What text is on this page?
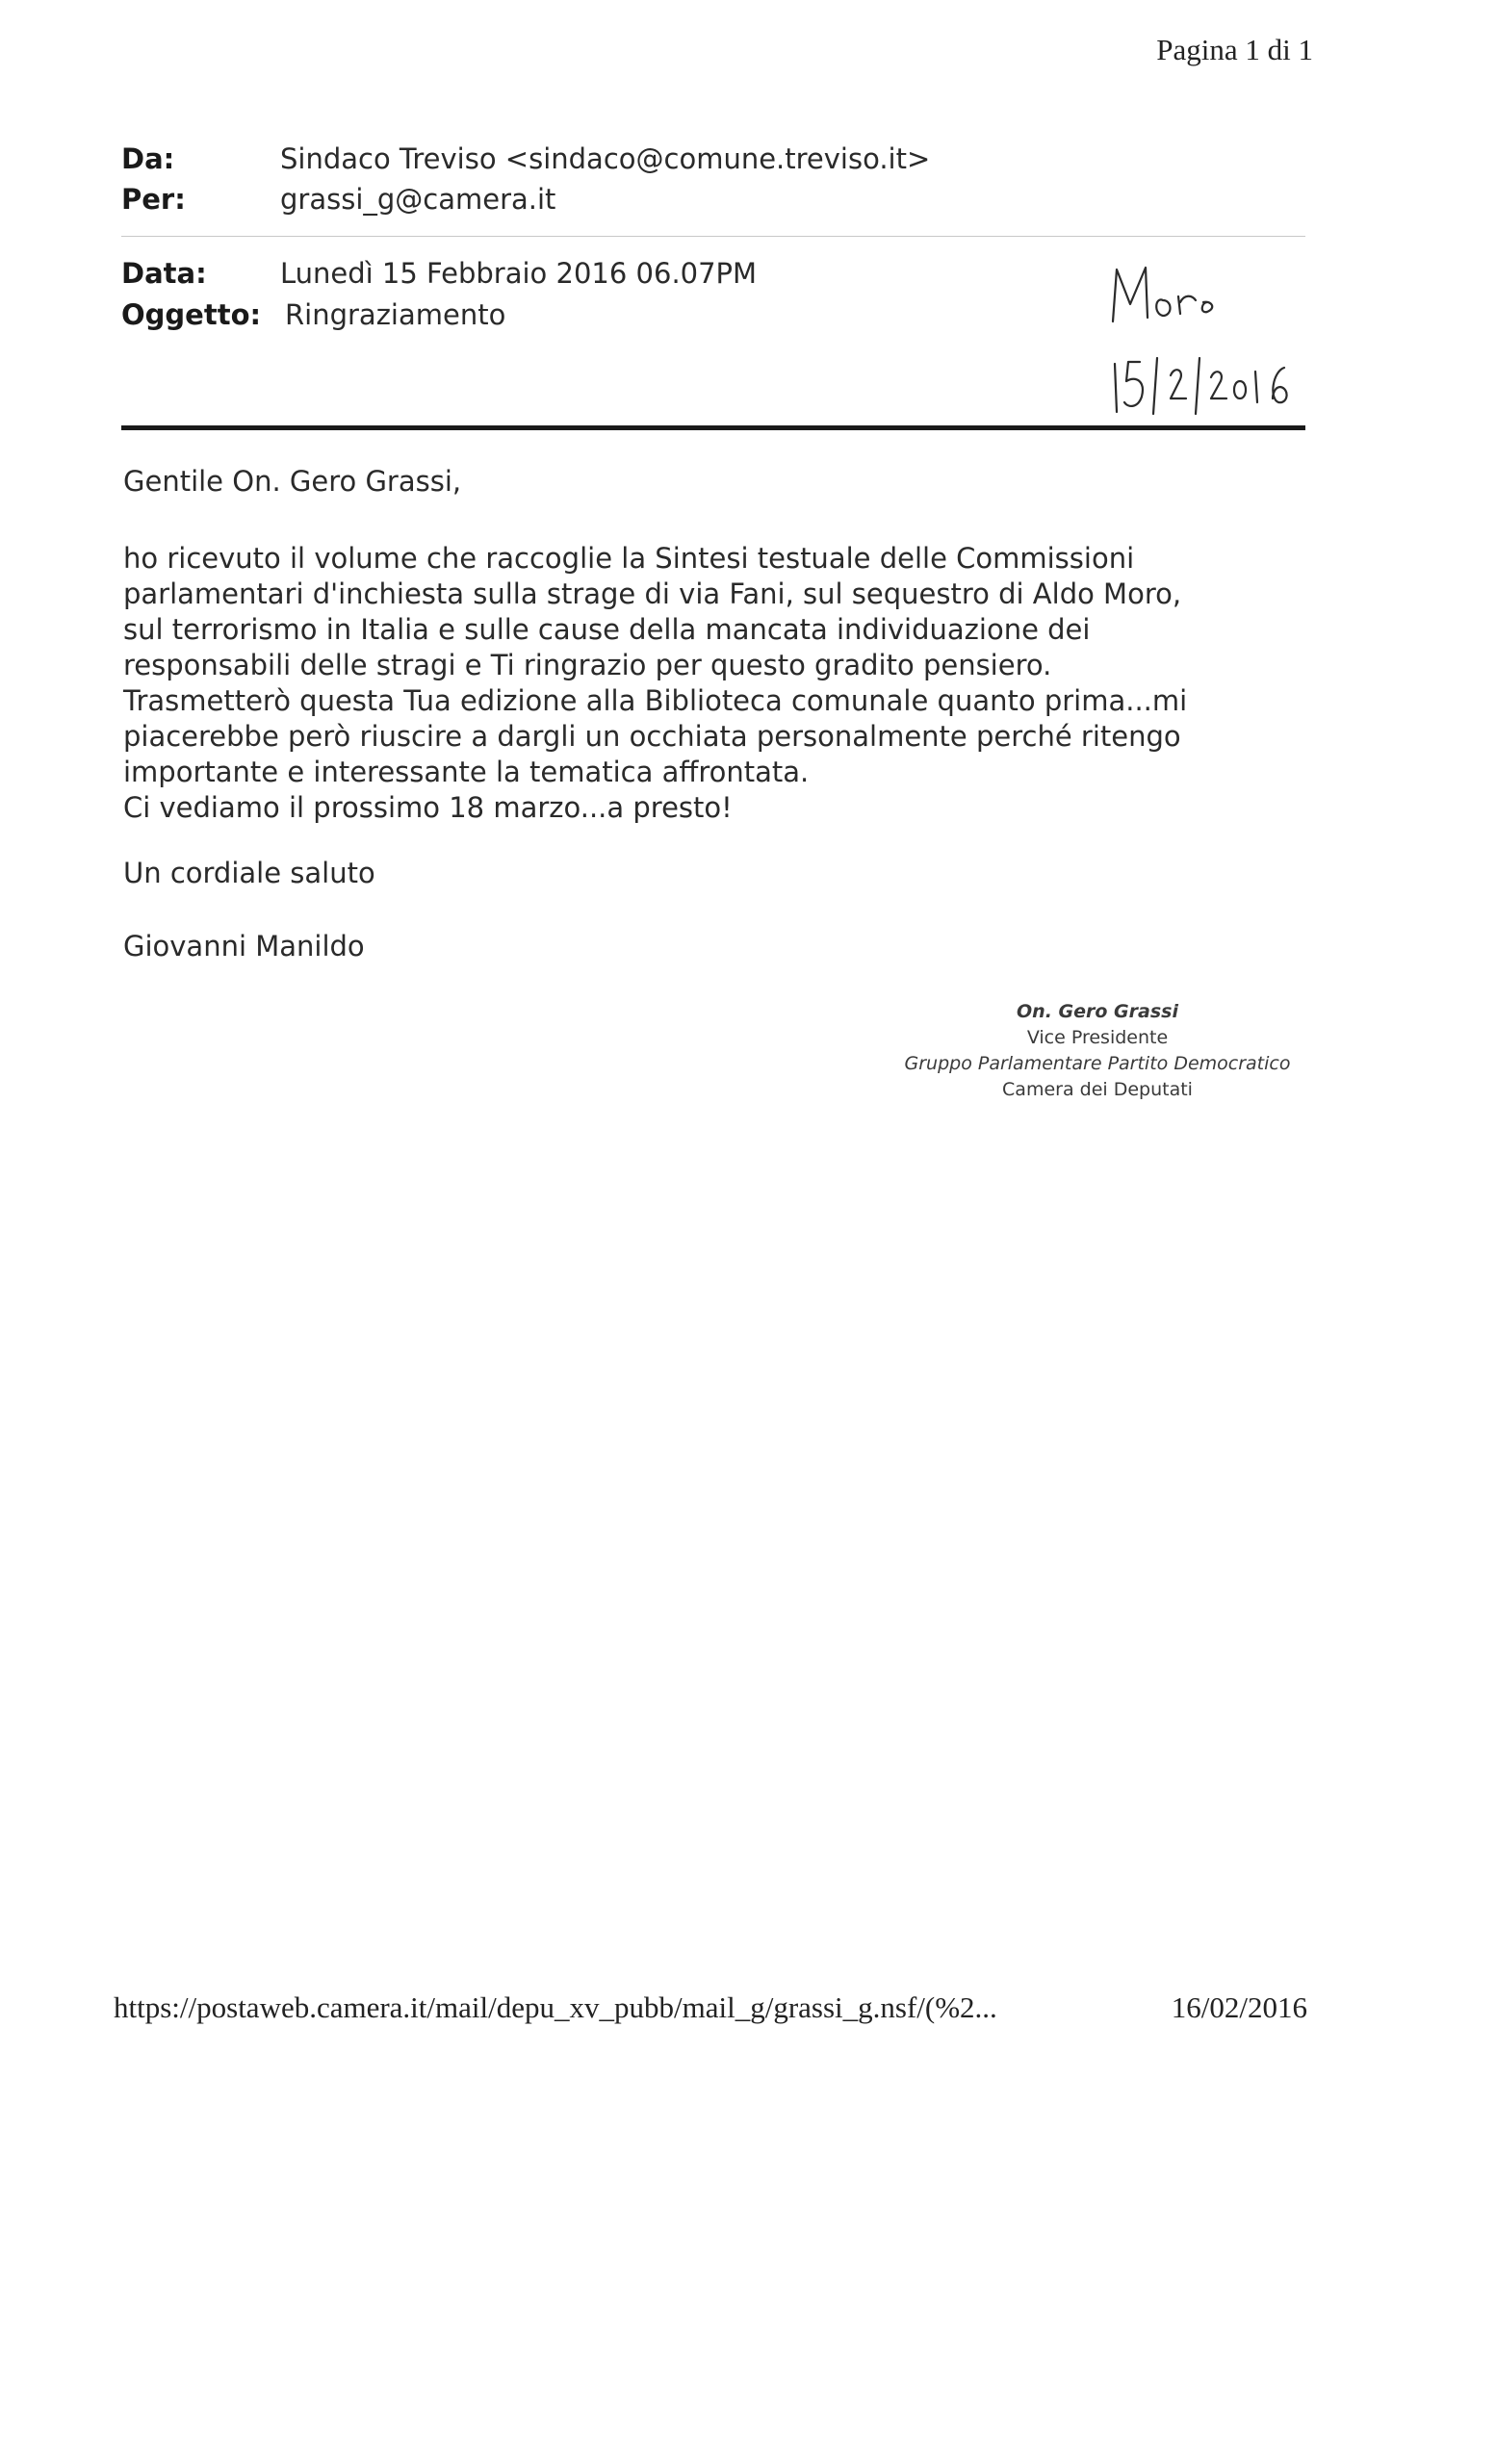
Pagina 1 di 1
Da:	Sindaco Treviso <sindaco@comune.treviso.it>
Per:	grassi_g@camera.it
Data:	Lunedì 15 Febbraio 2016 06.07PM
Oggetto: Ringraziamento
Gentile On. Gero Grassi,
ho ricevuto il volume che raccoglie la Sintesi testuale delle Commissioni
parlamentari d'inchiesta sulla strage di via Fani, sul sequestro di Aldo Moro,
sul terrorismo in Italia e sulle cause della mancata individuazione dei
responsabili delle stragi e Ti ringrazio per questo gradito pensiero.
Trasmetterò questa Tua edizione alla Biblioteca comunale quanto prima...mi
piacerebbe però riuscire a dargli un occhiata personalmente perché ritengo
importante e interessante la tematica affrontata.
Ci vediamo il prossimo 18 marzo...a presto!
Un cordiale saluto
Giovanni Manildo
On. Gero Grassi
Vice Presidente
Gruppo Parlamentare Partito Democratico
Camera dei Deputati
https://postaweb.camera.it/mail/depu_xv_pubb/mail_g/grassi_g.nsf/(%2...	16/02/2016
